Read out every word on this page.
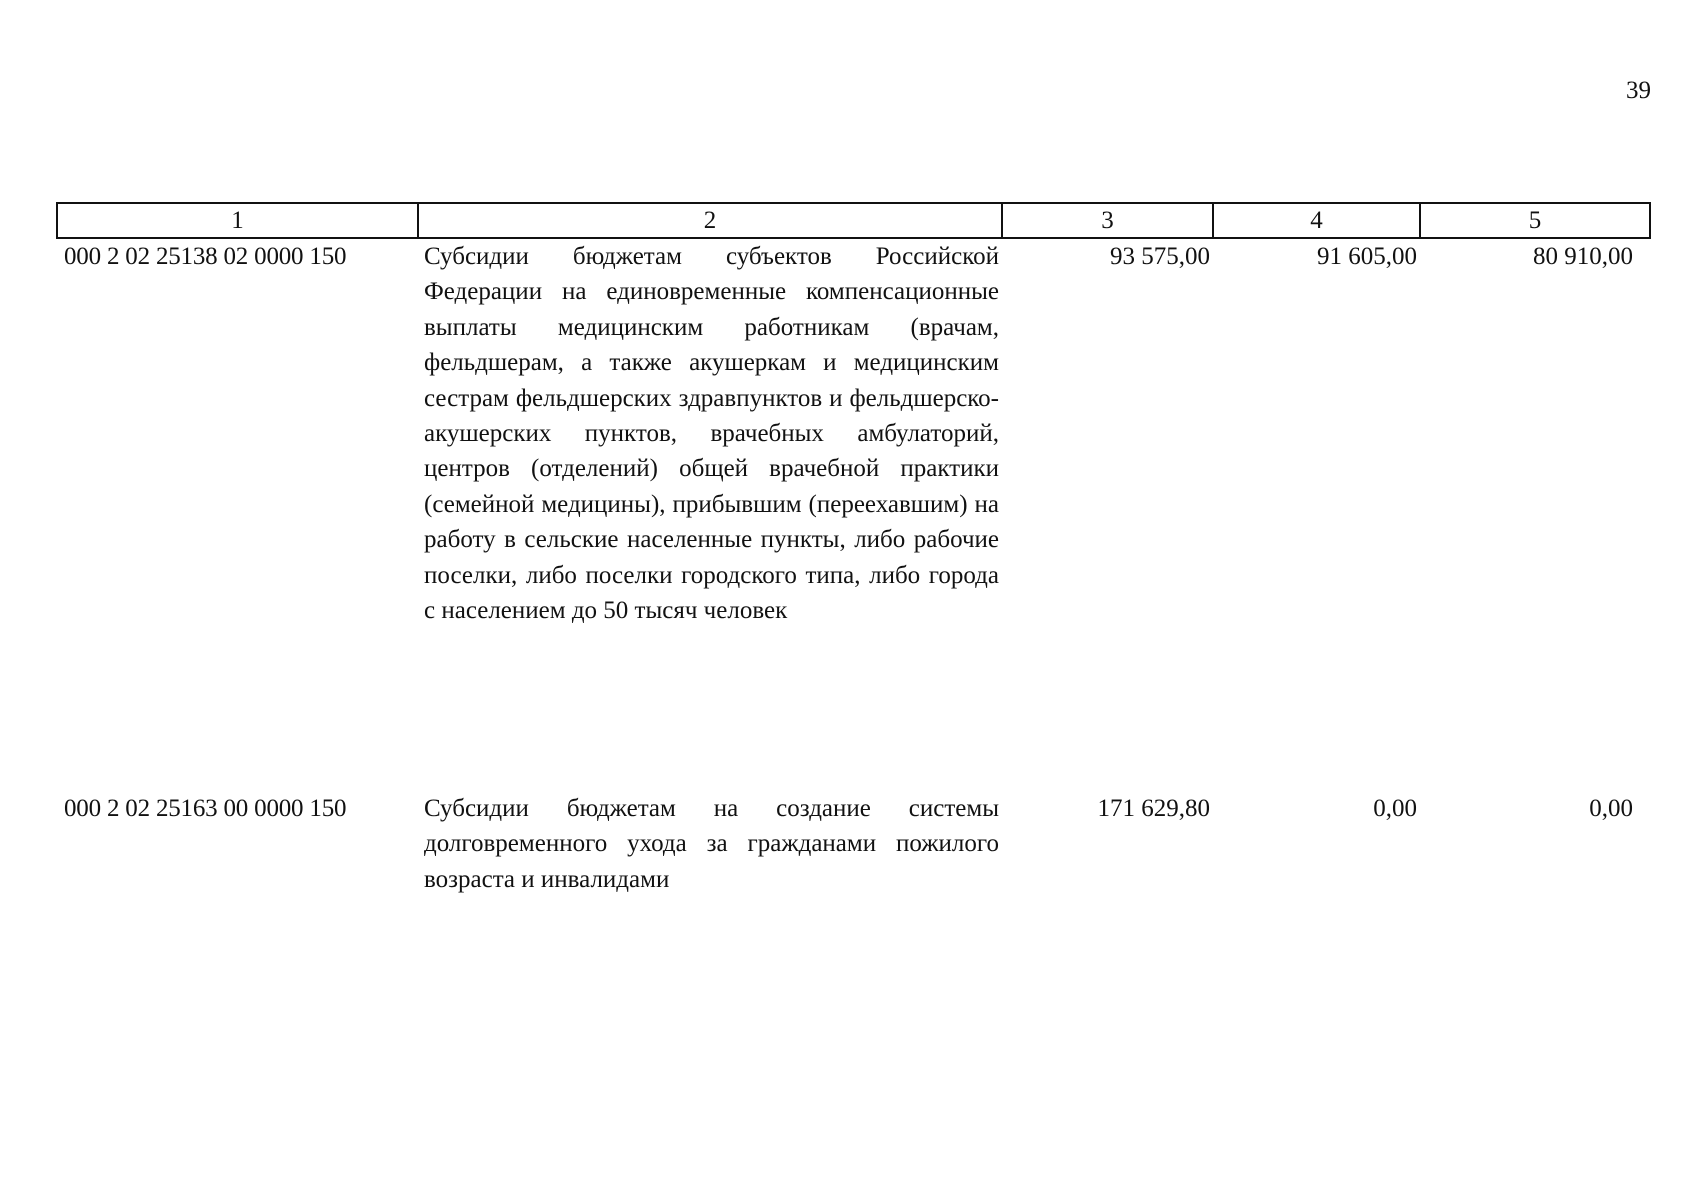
39
1	2	3	4	5
000 2 02 25138 02 0000 150	Субсидии бюджетам субъектов Российской Федерации на единовременные компенсационные выплаты медицинским работникам (врачам, фельдшерам, а также акушеркам и медицинским сестрам фельдшерских здравпунктов и фельдшерско-акушерских пунктов, врачебных амбулаторий, центров (отделений) общей врачебной практики (семейной медицины), прибывшим (переехавшим) на работу в сельские населенные пункты, либо рабочие поселки, либо поселки городского типа, либо города с населением до 50 тысяч человек	93 575,00	91 605,00	80 910,00
000 2 02 25163 00 0000 150	Субсидии бюджетам на создание системы долговременного ухода за гражданами пожилого возраста и инвалидами	171 629,80	0,00	0,00
